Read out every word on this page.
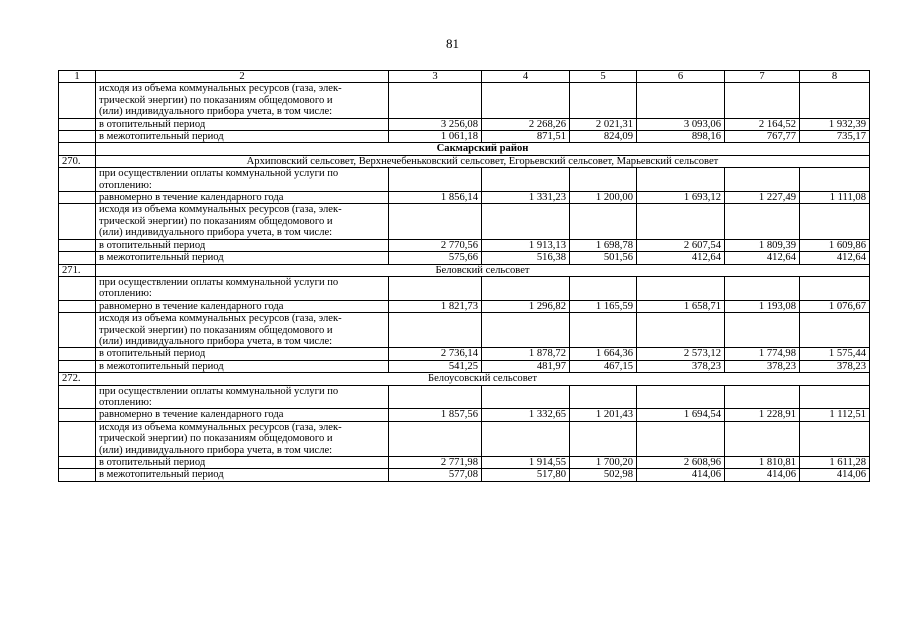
81
1	2	3	4	5	6	7	8
	исходя из объема коммунальных ресурсов (газа, элек-
трической энергии) по показаниям общедомового и
(или) индивидуального прибора учета, в том числе:						
	в отопительный период	3 256,08	2 268,26	2 021,31	3 093,06	2 164,52	1 932,39
	в межотопительный период	1 061,18	871,51	824,09	898,16	767,77	735,17
	Сакмарский район						
270.	Архиповский сельсовет, Верхнечебеньковский сельсовет, Егорьевский сельсовет, Марьевский сельсовет						
	при осуществлении оплаты коммунальной услуги по
отоплению:						
	равномерно в течение календарного года	1 856,14	1 331,23	1 200,00	1 693,12	1 227,49	1 111,08
	исходя из объема коммунальных ресурсов (газа, элек-
трической энергии) по показаниям общедомового и
(или) индивидуального прибора учета, в том числе:						
	в отопительный период	2 770,56	1 913,13	1 698,78	2 607,54	1 809,39	1 609,86
	в межотопительный период	575,66	516,38	501,56	412,64	412,64	412,64
271.	Беловский сельсовет						
	при осуществлении оплаты коммунальной услуги по
отоплению:						
	равномерно в течение календарного года	1 821,73	1 296,82	1 165,59	1 658,71	1 193,08	1 076,67
	исходя из объема коммунальных ресурсов (газа, элек-
трической энергии) по показаниям общедомового и
(или) индивидуального прибора учета, в том числе:						
	в отопительный период	2 736,14	1 878,72	1 664,36	2 573,12	1 774,98	1 575,44
	в межотопительный период	541,25	481,97	467,15	378,23	378,23	378,23
272.	Белоусовский сельсовет						
	при осуществлении оплаты коммунальной услуги по
отоплению:						
	равномерно в течение календарного года	1 857,56	1 332,65	1 201,43	1 694,54	1 228,91	1 112,51
	исходя из объема коммунальных ресурсов (газа, элек-
трической энергии) по показаниям общедомового и
(или) индивидуального прибора учета, в том числе:						
	в отопительный период	2 771,98	1 914,55	1 700,20	2 608,96	1 810,81	1 611,28
	в межотопительный период	577,08	517,80	502,98	414,06	414,06	414,06
